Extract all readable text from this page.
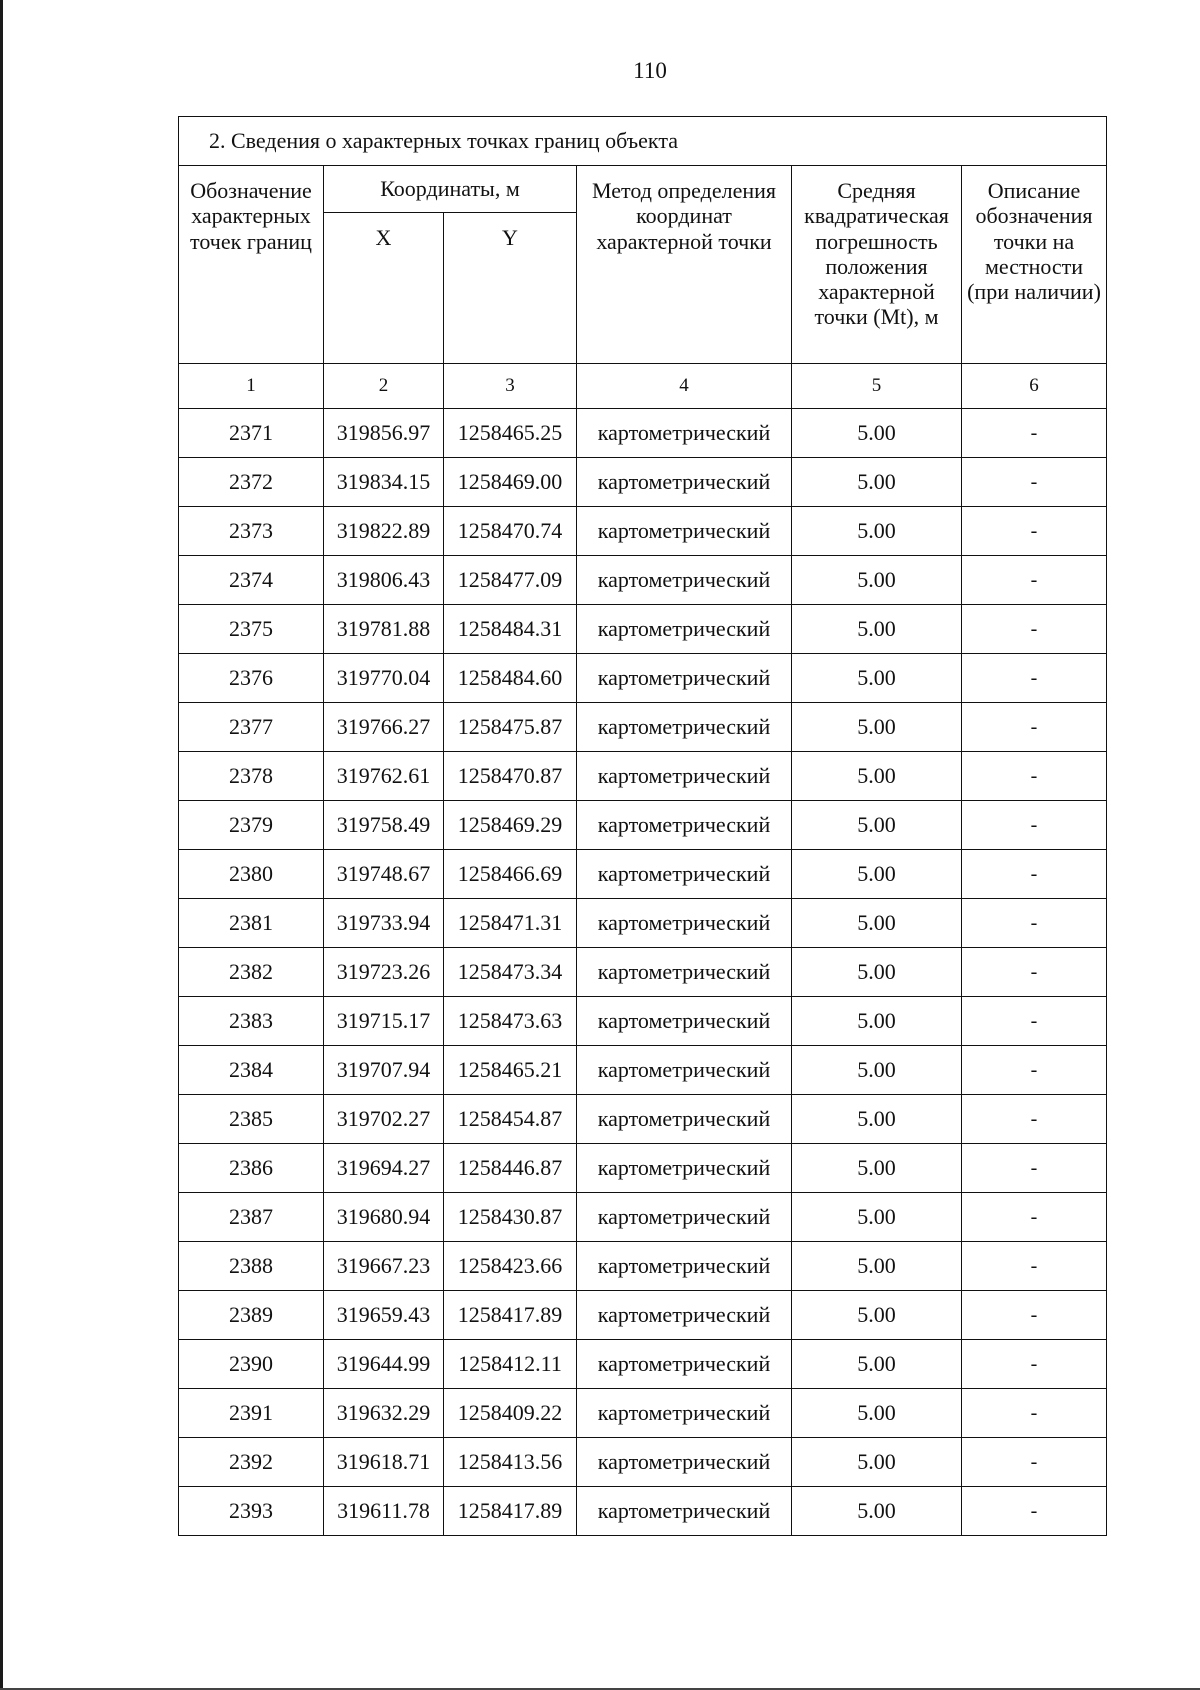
110
2. Сведения о характерных точках границ объекта					
Обозначение характерных точек границ	Координаты, м		Метод определения координат характерной точки	Средняя квадратическая погрешность положения характерной точки (Mt), м	Описание обозначения точки на местности (при наличии)
	X	Y			
1	2	3	4	5	6
2371	319856.97	1258465.25	картометрический	5.00	-
2372	319834.15	1258469.00	картометрический	5.00	-
2373	319822.89	1258470.74	картометрический	5.00	-
2374	319806.43	1258477.09	картометрический	5.00	-
2375	319781.88	1258484.31	картометрический	5.00	-
2376	319770.04	1258484.60	картометрический	5.00	-
2377	319766.27	1258475.87	картометрический	5.00	-
2378	319762.61	1258470.87	картометрический	5.00	-
2379	319758.49	1258469.29	картометрический	5.00	-
2380	319748.67	1258466.69	картометрический	5.00	-
2381	319733.94	1258471.31	картометрический	5.00	-
2382	319723.26	1258473.34	картометрический	5.00	-
2383	319715.17	1258473.63	картометрический	5.00	-
2384	319707.94	1258465.21	картометрический	5.00	-
2385	319702.27	1258454.87	картометрический	5.00	-
2386	319694.27	1258446.87	картометрический	5.00	-
2387	319680.94	1258430.87	картометрический	5.00	-
2388	319667.23	1258423.66	картометрический	5.00	-
2389	319659.43	1258417.89	картометрический	5.00	-
2390	319644.99	1258412.11	картометрический	5.00	-
2391	319632.29	1258409.22	картометрический	5.00	-
2392	319618.71	1258413.56	картометрический	5.00	-
2393	319611.78	1258417.89	картометрический	5.00	-
